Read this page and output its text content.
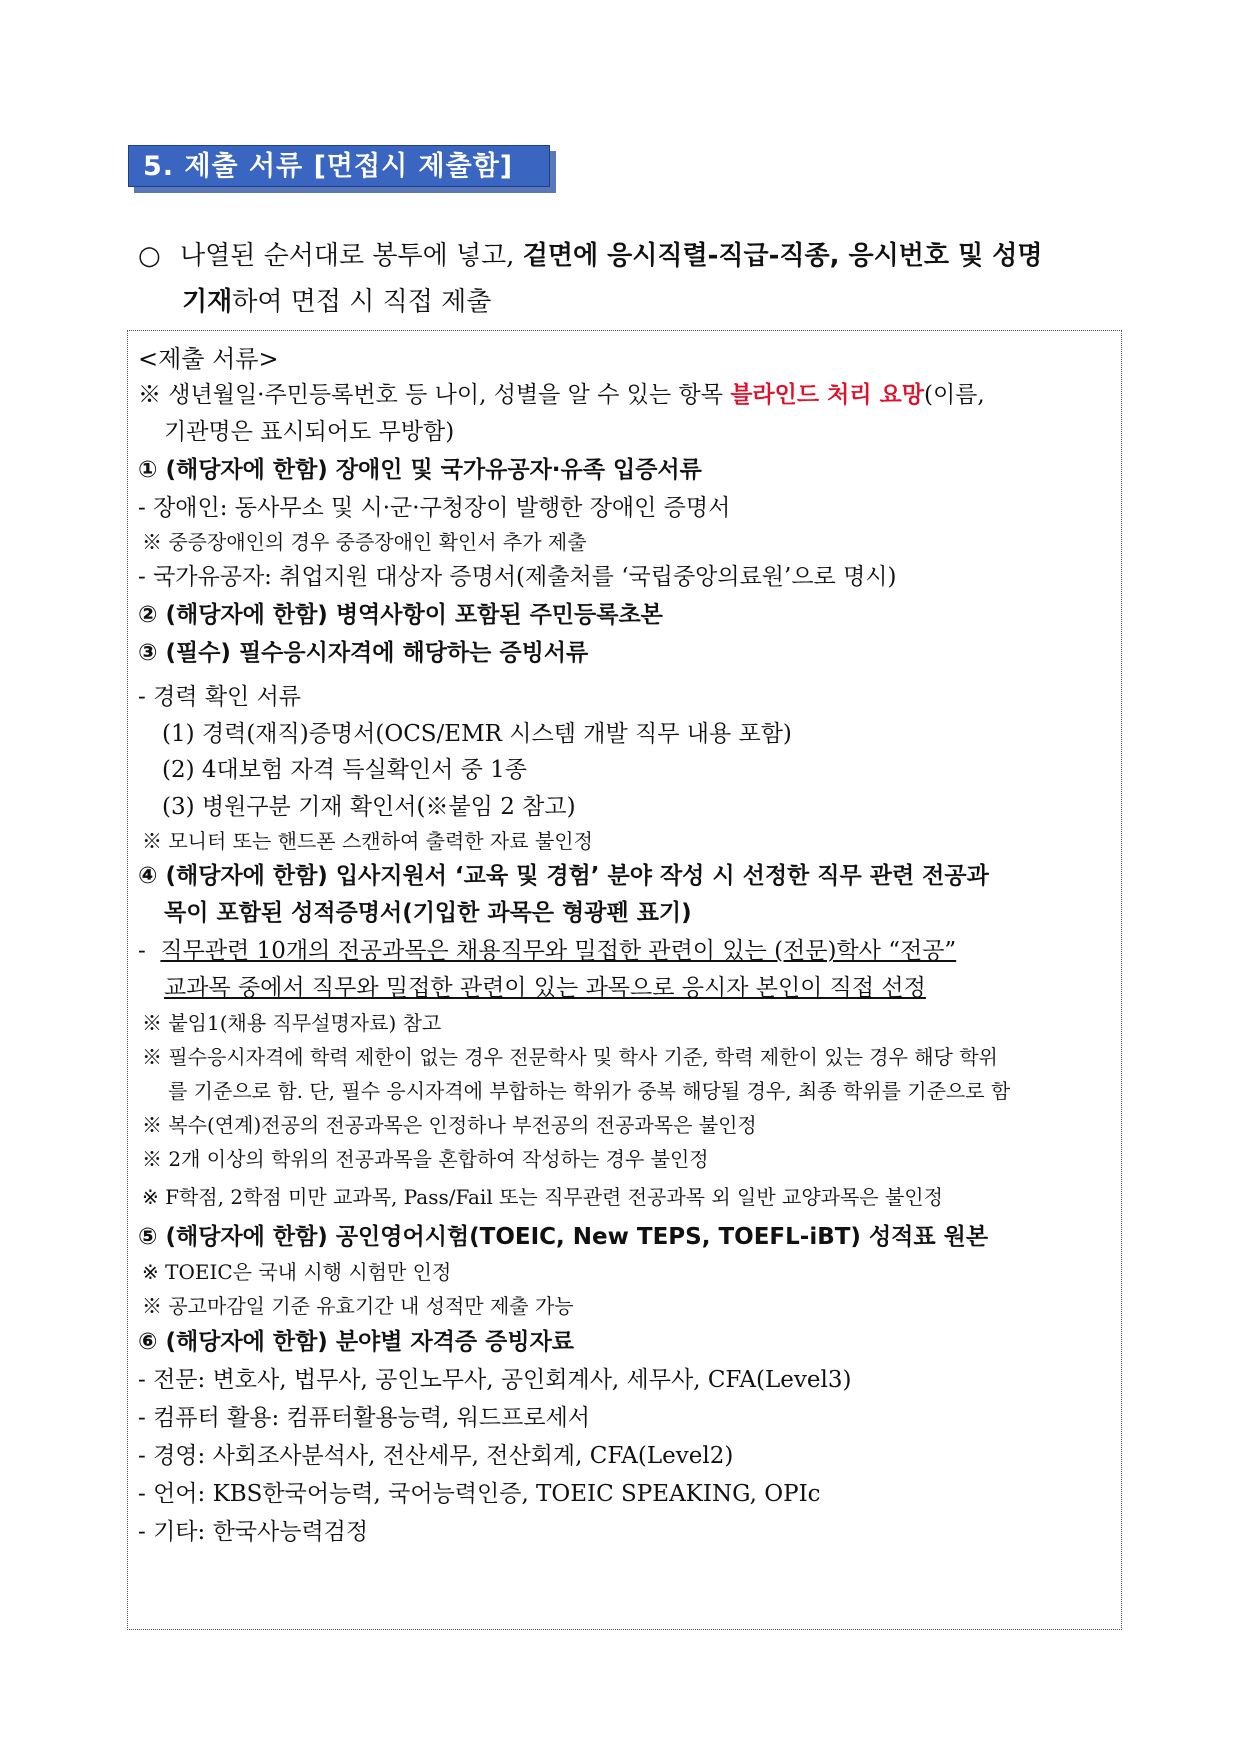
5. 제출 서류 [면접시 제출함]
○ 나열된 순서대로 봉투에 넣고, 겉면에 응시직렬-직급-직종, 응시번호 및 성명
기재하여 면접 시 직접 제출
<제출 서류>
※ 생년월일·주민등록번호 등 나이, 성별을 알 수 있는 항목 블라인드 처리 요망(이름,
기관명은 표시되어도 무방함)
① (해당자에 한함) 장애인 및 국가유공자·유족 입증서류
- 장애인: 동사무소 및 시·군·구청장이 발행한 장애인 증명서
※ 중증장애인의 경우 중증장애인 확인서 추가 제출
- 국가유공자: 취업지원 대상자 증명서(제출처를 ‘국립중앙의료원’으로 명시)
② (해당자에 한함) 병역사항이 포함된 주민등록초본
③ (필수) 필수응시자격에 해당하는 증빙서류
- 경력 확인 서류
(1) 경력(재직)증명서(OCS/EMR 시스템 개발 직무 내용 포함)
(2) 4대보험 자격 득실확인서 중 1종
(3) 병원구분 기재 확인서(※붙임 2 참고)
※ 모니터 또는 핸드폰 스캔하여 출력한 자료 불인정
④ (해당자에 한함) 입사지원서 ‘교육 및 경험’ 분야 작성 시 선정한 직무 관련 전공과
목이 포함된 성적증명서(기입한 과목은 형광펜 표기)
-  직무관련 10개의 전공과목은 채용직무와 밀접한 관련이 있는 (전문)학사 “전공”
교과목 중에서 직무와 밀접한 관련이 있는 과목으로 응시자 본인이 직접 선정
※ 붙임1(채용 직무설명자료) 참고
※ 필수응시자격에 학력 제한이 없는 경우 전문학사 및 학사 기준, 학력 제한이 있는 경우 해당 학위
를 기준으로 함. 단, 필수 응시자격에 부합하는 학위가 중복 해당될 경우, 최종 학위를 기준으로 함
※ 복수(연계)전공의 전공과목은 인정하나 부전공의 전공과목은 불인정
※ 2개 이상의 학위의 전공과목을 혼합하여 작성하는 경우 불인정
※ F학점, 2학점 미만 교과목, Pass/Fail 또는 직무관련 전공과목 외 일반 교양과목은 불인정
⑤ (해당자에 한함) 공인영어시험(TOEIC, New TEPS, TOEFL-iBT) 성적표 원본
※ TOEIC은 국내 시행 시험만 인정
※ 공고마감일 기준 유효기간 내 성적만 제출 가능
⑥ (해당자에 한함) 분야별 자격증 증빙자료
- 전문: 변호사, 법무사, 공인노무사, 공인회계사, 세무사, CFA(Level3)
- 컴퓨터 활용: 컴퓨터활용능력, 워드프로세서
- 경영: 사회조사분석사, 전산세무, 전산회계, CFA(Level2)
- 언어: KBS한국어능력, 국어능력인증, TOEIC SPEAKING, OPIc
- 기타: 한국사능력검정
